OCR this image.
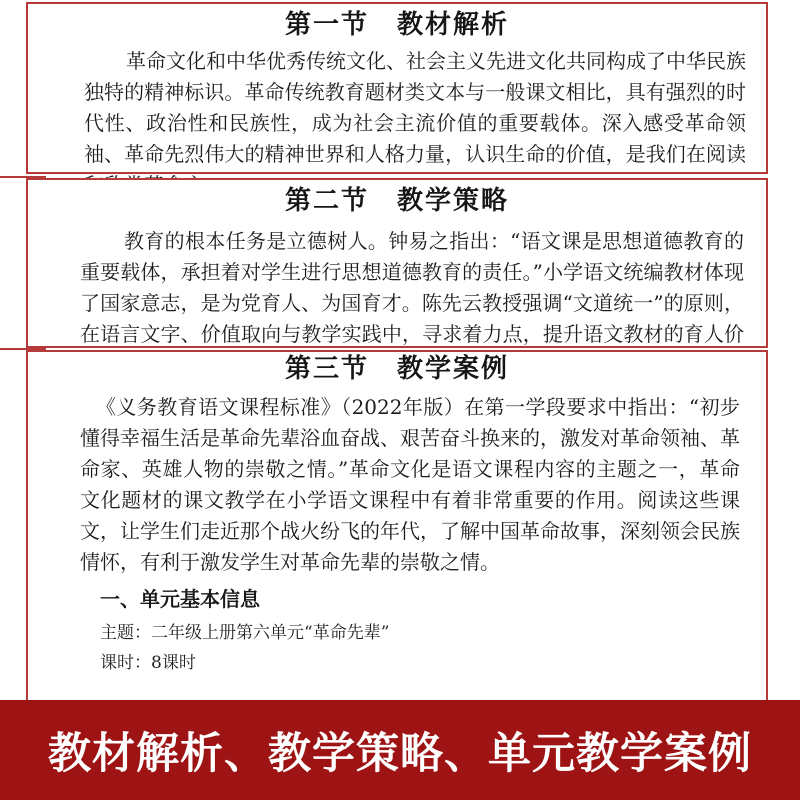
第一节　教材解析

革命文化和中华优秀传统文化、社会主义先进文化共同构成了中华民族独特的精神标识。革命传统教育题材类文本与一般课文相比，具有强烈的时代性、政治性和民族性，成为社会主流价值的重要载体。深入感受革命领袖、革命先烈伟大的精神世界和人格力量，认识生命的价值，是我们在阅读

第二节　教学策略

教育的根本任务是立德树人。钟易之指出：“语文课是思想道德教育的重要载体，承担着对学生进行思想道德教育的责任。”小学语文统编教材体现了国家意志，是为党育人、为国育才。陈先云教授强调“文道统一”的原则，在语言文字、价值取向与教学实践中，寻求着力点，提升语文教材的育人价

第三节　教学案例

《义务教育语文课程标准》（2022年版）在第一学段要求中指出：“初步懂得幸福生活是革命先辈浴血奋战、艰苦奋斗换来的，激发对革命领袖、革命家、英雄人物的崇敬之情。”革命文化是语文课程内容的主题之一，革命文化题材的课文教学在小学语文课程中有着非常重要的作用。阅读这些课文，让学生们走近那个战火纷飞的年代，了解中国革命故事，深刻领会民族情怀，有利于激发学生对革命先辈的崇敬之情。

一、单元基本信息
主题：二年级上册第六单元“革命先辈”
课时：8课时
教材解析、教学策略、单元教学案例
